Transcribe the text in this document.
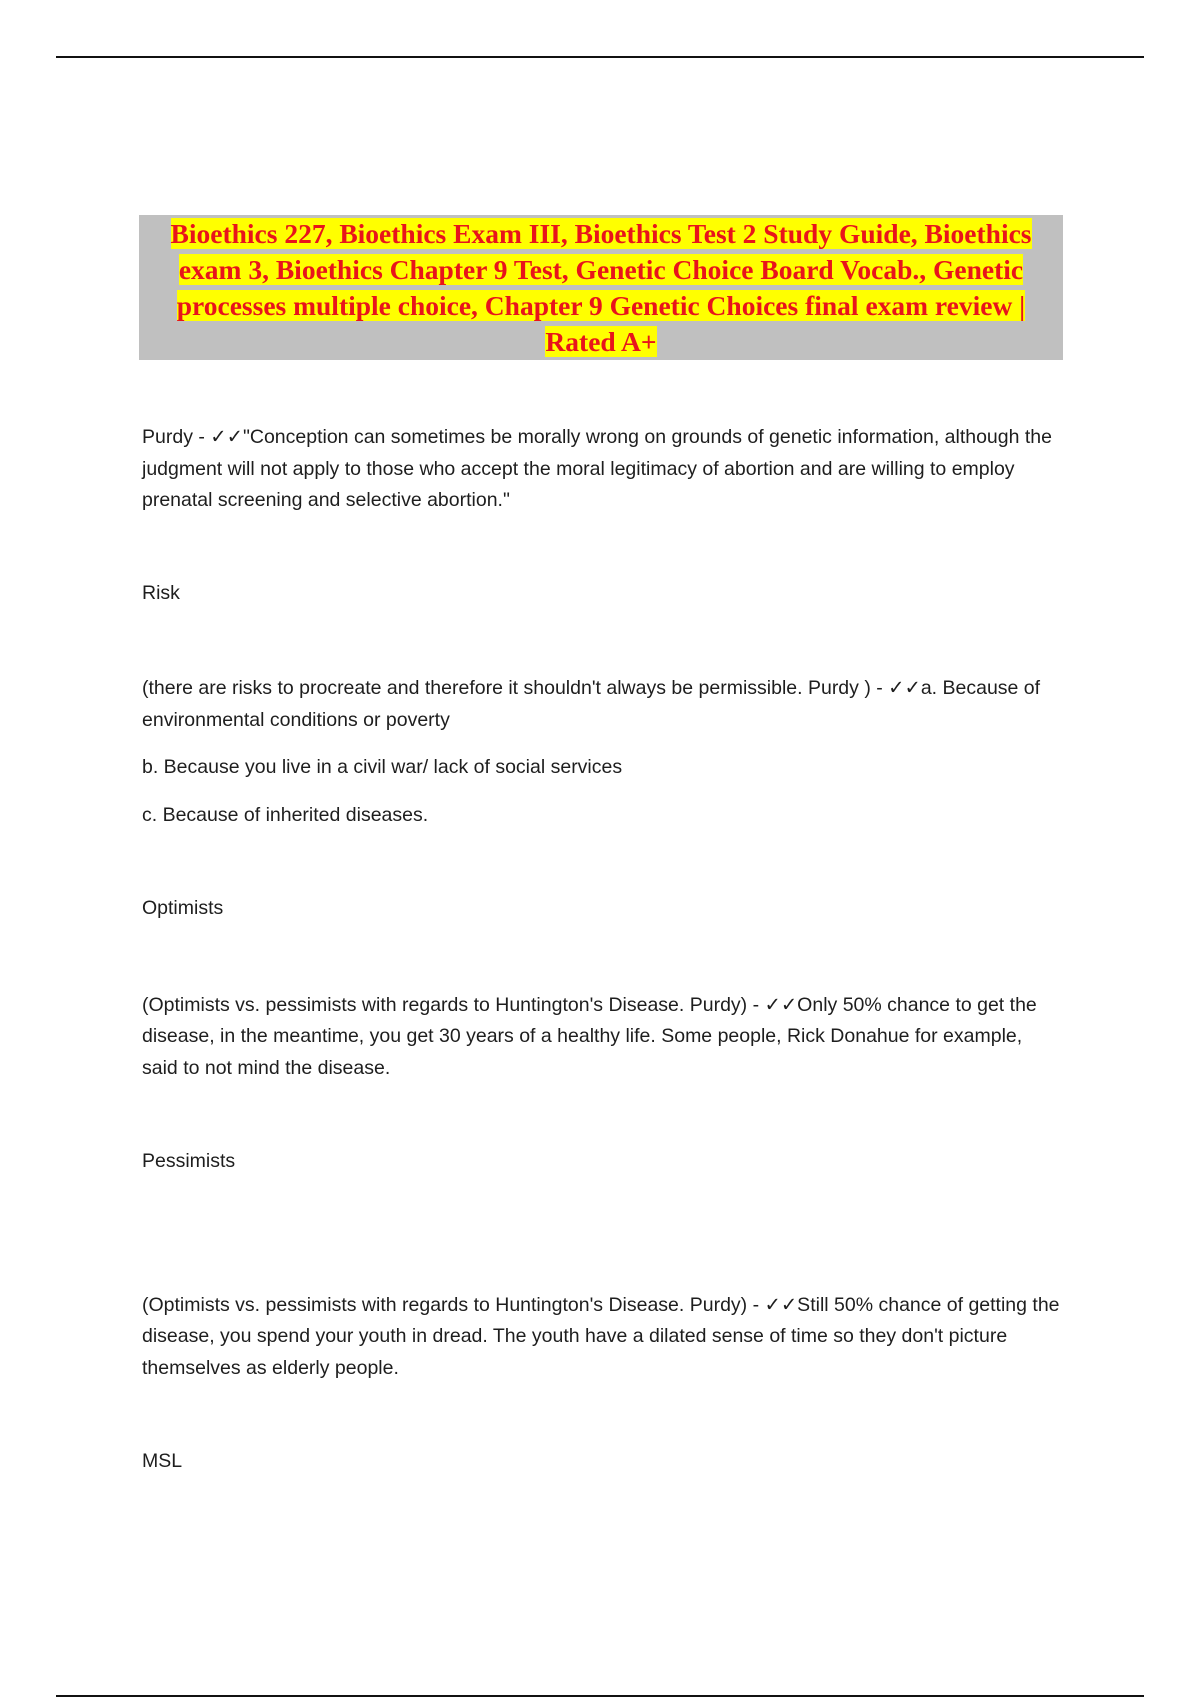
Bioethics 227, Bioethics Exam III, Bioethics Test 2 Study Guide, Bioethics exam 3, Bioethics Chapter 9 Test, Genetic Choice Board Vocab., Genetic processes multiple choice, Chapter 9 Genetic Choices final exam review | Rated A+

Purdy - ✓✓"Conception can sometimes be morally wrong on grounds of genetic information, although the judgment will not apply to those who accept the moral legitimacy of abortion and are willing to employ prenatal screening and selective abortion."

Risk

(there are risks to procreate and therefore it shouldn't always be permissible. Purdy ) - ✓✓a. Because of environmental conditions or poverty

b. Because you live in a civil war/ lack of social services

c. Because of inherited diseases.

Optimists

(Optimists vs. pessimists with regards to Huntington's Disease. Purdy) - ✓✓Only 50% chance to get the disease, in the meantime, you get 30 years of a healthy life. Some people, Rick Donahue for example, said to not mind the disease.

Pessimists

(Optimists vs. pessimists with regards to Huntington's Disease. Purdy) - ✓✓Still 50% chance of getting the disease, you spend your youth in dread. The youth have a dilated sense of time so they don't picture themselves as elderly people.

MSL
